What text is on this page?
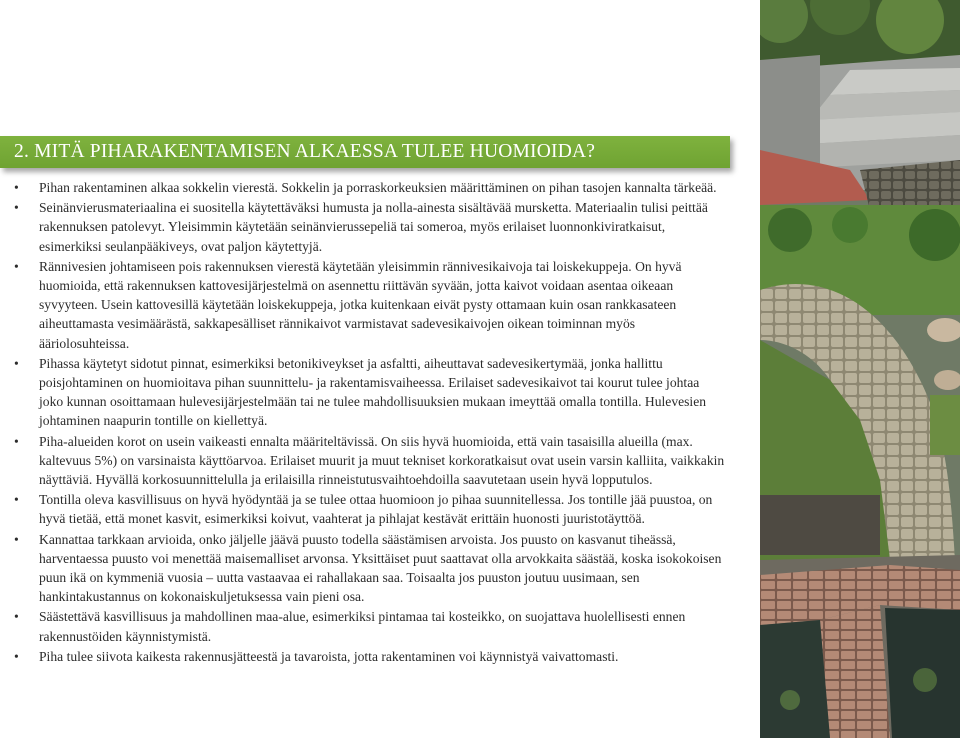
2. MITÄ PIHARAKENTAMISEN ALKAESSA TULEE HUOMIOIDA?
• Pihan rakentaminen alkaa sokkelin vierestä. Sokkelin ja porraskorkeuksien määrittäminen on pihan tasojen kannalta tärkeää.
• Seinänvierusmateriaalina ei suositella käytettäväksi humusta ja nolla-ainesta sisältävää mursketta. Materiaalin tulisi peittää rakennuksen patolevyt. Yleisimmin käytetään seinänvierussepeliä tai someroa, myös erilaiset luonnonkiviratkaisut, esimerkiksi seulanpääkiveys, ovat paljon käytettyjä.
• Rännivesien johtamiseen pois rakennuksen vierestä käytetään yleisimmin rännivesikaivoja tai loiskekuppeja. On hyvä huomioida, että rakennuksen kattovesijärjestelmä on asennettu riittävän syvään, jotta kaivot voidaan asentaa oikeaan syvyyteen. Usein kattovesillä käytetään loiskekuppeja, jotka kuitenkaan eivät pysty ottamaan kuin osan rankkasateen aiheuttamasta vesimäärästä, sakkapesälliset rännikaivot varmistavat sadevesikaivojen oikean toiminnan myös ääriolosuhteissa.
• Pihassa käytetyt sidotut pinnat, esimerkiksi betonikiveykset ja asfaltti, aiheuttavat sadevesikertymää, jonka hallittu poisjohtaminen on huomioitava pihan suunnittelu- ja rakentamisvaiheessa. Erilaiset sadevesikaivot tai kourut tulee johtaa joko kunnan osoittamaan hulevesijärjestelmään tai ne tulee mahdollisuuksien mukaan imeyttää omalla tontilla. Hulevesien johtaminen naapurin tontille on kiellettyä.
• Piha-alueiden korot on usein vaikeasti ennalta määriteltävissä. On siis hyvä huomioida, että vain tasaisilla alueilla (max. kaltevuus 5%) on varsinaista käyttöarvoa. Erilaiset muurit ja muut tekniset korkoratkaisut ovat usein varsin kalliita, vaikkakin näyttäviä. Hyvällä korkosuunnittelulla ja erilaisilla rinneistutusvaihtoehdoilla saavutetaan usein hyvä lopputulos.
• Tontilla oleva kasvillisuus on hyvä hyödyntää ja se tulee ottaa huomioon jo pihaa suunnitellessa. Jos tontille jää puustoa, on hyvä tietää, että monet kasvit, esimerkiksi koivut, vaahterat ja pihlajat kestävät erittäin huonosti juuristotäyttöä.
• Kannattaa tarkkaan arvioida, onko jäljelle jäävä puusto todella säästämisen arvoista. Jos puusto on kasvanut tiheässä, harventaessa puusto voi menettää maisemalliset arvonsa. Yksittäiset puut saattavat olla arvokkaita säästää, koska isokokoisen puun ikä on kymmeniä vuosia – uutta vastaavaa ei rahallakaan saa. Toisaalta jos puuston joutuu uusimaan, sen hankintakustannus on kokonaiskuljetuksessa vain pieni osa.
• Säästettävä kasvillisuus ja mahdollinen maa-alue, esimerkiksi pintamaa tai kosteikko, on suojattava huolellisesti ennen rakennustöiden käynnistymistä.
• Piha tulee siivota kaikesta rakennusjätteestä ja tavaroista, jotta rakentaminen voi käynnistyä vaivattomasti.
